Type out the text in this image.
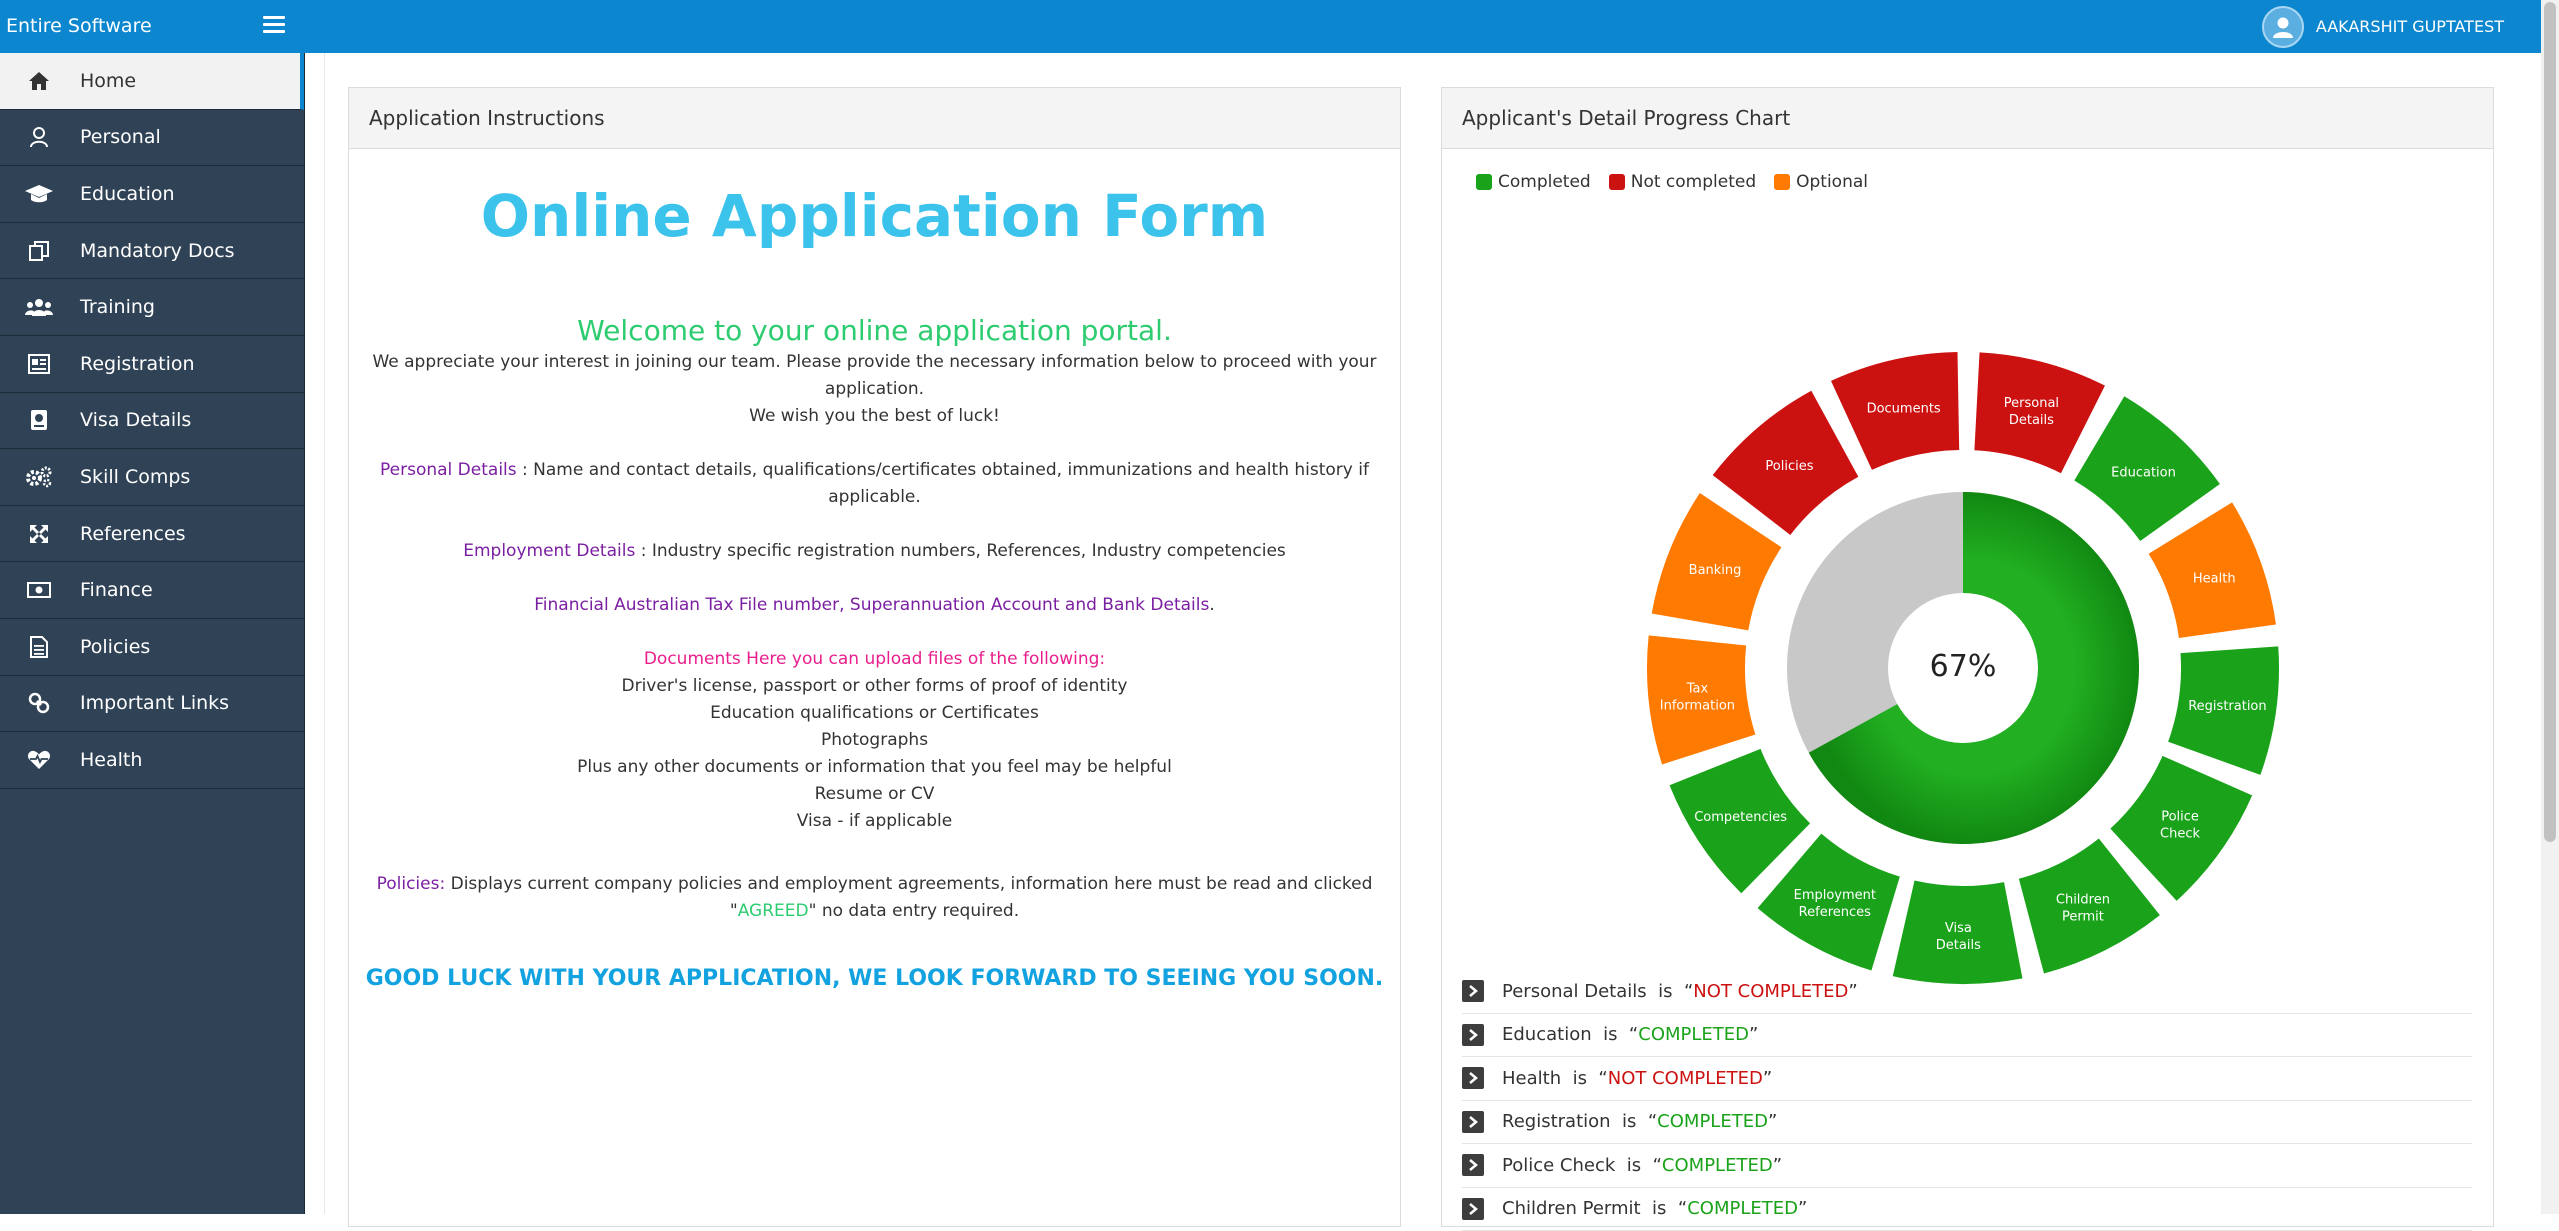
Entire Software	AAKARSHIT GUPTATEST
Home
Personal
Education
Mandatory Docs
Training
Registration
Visa Details
Skill Comps
References
Finance
Policies
Important Links
Health
Application Instructions
Online Application Form
Welcome to your online application portal.
We appreciate your interest in joining our team. Please provide the necessary information below to proceed with your application.
We wish you the best of luck!
Personal Details : Name and contact details, qualifications/certificates obtained, immunizations and health history if applicable.
Employment Details : Industry specific registration numbers, References, Industry competencies
Financial Australian Tax File number, Superannuation Account and Bank Details.
Documents Here you can upload files of the following:
Driver's license, passport or other forms of proof of identity
Education qualifications or Certificates
Photographs
Plus any other documents or information that you feel may be helpful
Resume or CV
Visa - if applicable
Policies: Displays current company policies and employment agreements, information here must be read and clicked "AGREED" no data entry required.
GOOD LUCK WITH YOUR APPLICATION, WE LOOK FORWARD TO SEEING YOU SOON.
Applicant's Detail Progress Chart
Completed Not completed Optional
Personal Details
Education
Health
Registration
Police Check
Children Permit
Visa Details
Employment References
Competencies
Tax Information
Banking
Policies
Documents
67%
Personal Details
is “ NOT COMPLETED ”
Education
is “ COMPLETED ”
Health
is “ NOT COMPLETED ”
Registration
is “ COMPLETED ”
Police Check
is “ COMPLETED ”
Children Permit
is “ COMPLETED ”
